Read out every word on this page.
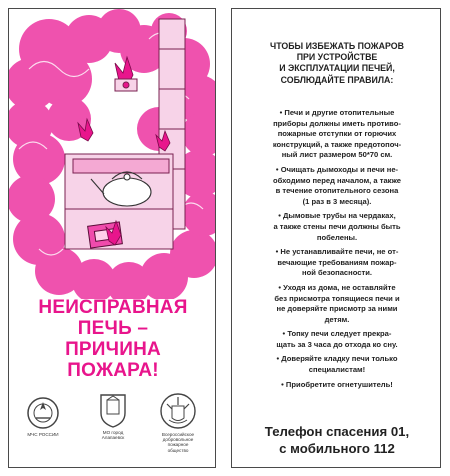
НЕИСПРАВНАЯ
ПЕЧЬ –
ПРИЧИНА
ПОЖАРА!
МЧС РОССИИ	МО город
Алапаевск
Всероссийское
добровольное
пожарное
общество
ЧТОБЫ ИЗБЕЖАТЬ ПОЖАРОВ
ПРИ УСТРОЙСТВЕ
И ЭКСПЛУАТАЦИИ ПЕЧЕЙ,
СОБЛЮДАЙТЕ ПРАВИЛА:
• Печи и другие отопительные
приборы должны иметь противо-
пожарные отступки от горючих
конструкций, а также предотопоч-
ный лист размером 50*70 см.
• Очищать дымоходы и печи не-
обходимо перед началом, а также
в течение отопительного сезона
(1 раз в 3 месяца).
• Дымовые трубы на чердаках,
а также стены печи должны быть
побелены.
• Не устанавливайте печи, не от-
вечающие требованиям пожар-
ной безопасности.
• Уходя из дома, не оставляйте
без присмотра топящиеся печи и
не доверяйте присмотр за ними
детям.
• Топку печи следует прекра-
щать за 3 часа до отхода ко сну.
• Доверяйте кладку печи только
специалистам!
• Приобретите огнетушитель!
Телефон спасения 01,
с мобильного 112
